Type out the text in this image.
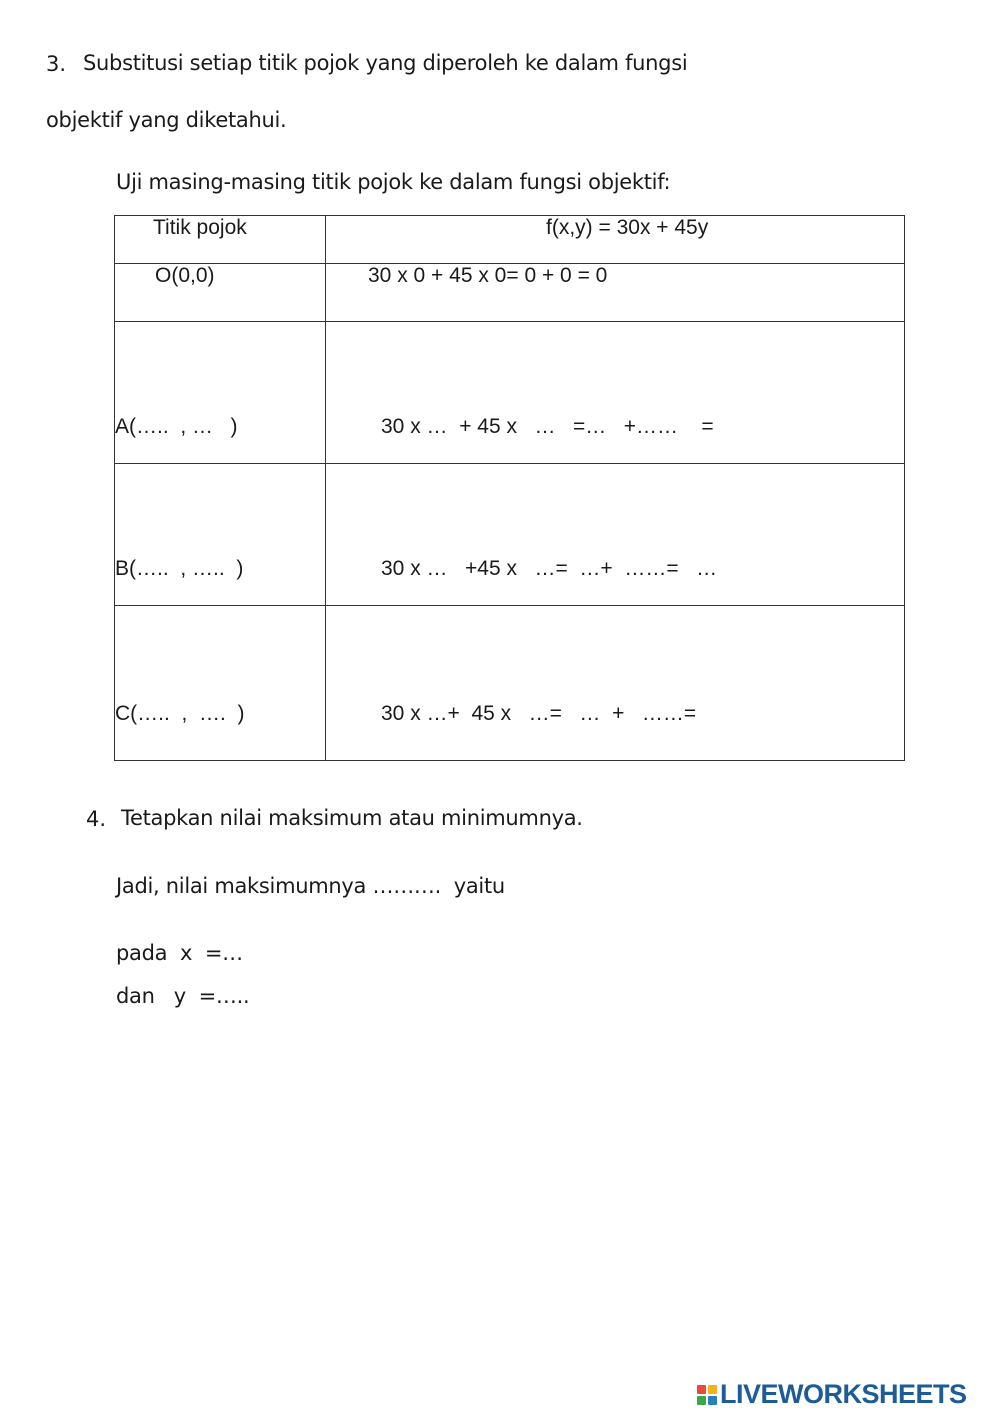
3. Substitusi setiap titik pojok yang diperoleh ke dalam fungsi
objektif yang diketahui.
Uji masing-masing titik pojok ke dalam fungsi objektif:
Titik pojok	f(x,y) = 30x + 45y
O(0,0)	30 x 0 + 45 x 0= 0 + 0 = 0
A(…..  , …   )	30 x …  + 45 x   …   =…   +……    =
B(…..  , …..  )	30 x …   +45 x   …=  …+  ……=   …
C(…..  ,  ….  )	30 x …+  45 x   …=   …  +   ……=
4. Tetapkan nilai maksimum atau minimumnya.
Jadi, nilai maksimumnya ……….  yaitu
pada  x  =…
dan   y  =…..
LIVEWORKSHEETS
